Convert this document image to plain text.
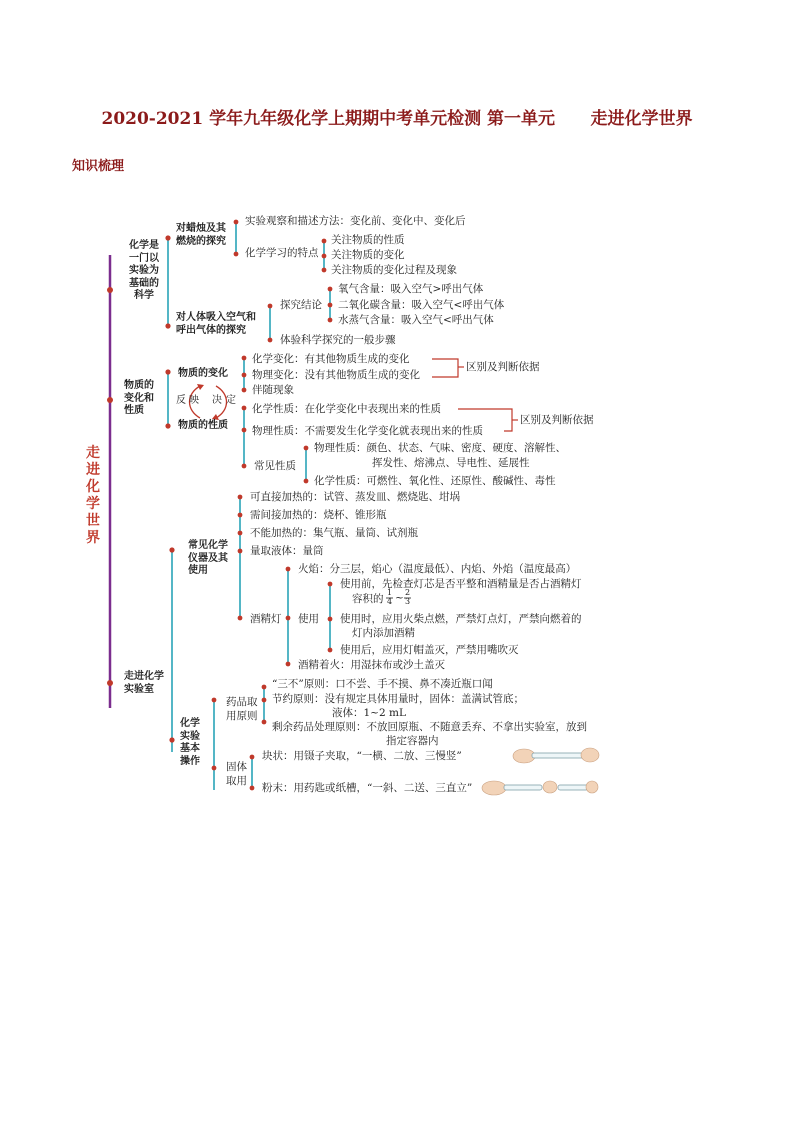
2020-2021 学年九年级化学上期期中考单元检测 第一单元      走进化学世界
知识梳理
走
进
化
学
世
界
化学是
一门以
实验为
基础的
科学
对蜡烛及其
燃烧的探究
实验观察和描述方法：变化前、变化中、变化后
化学学习的特点
关注物质的性质
关注物质的变化
关注物质的变化过程及现象
对人体吸入空气和
呼出气体的探究
探究结论
体验科学探究的一般步骤
氧气含量：吸入空气>呼出气体
二氧化碳含量：吸入空气<呼出气体
水蒸气含量：吸入空气<呼出气体
物质的
变化和
性质
物质的变化
物质的性质
反 映 决 定
化学变化：有其他物质生成的变化
物理变化：没有其他物质生成的变化
伴随现象
区别及判断依据
化学性质：在化学变化中表现出来的性质
物理性质：不需要发生化学变化就表现出来的性质
常见性质
区别及判断依据
物理性质：颜色、状态、气味、密度、硬度、溶解性、
挥发性、熔沸点、导电性、延展性
化学性质：可燃性、氧化性、还原性、酸碱性、毒性
走进化学
实验室
常见化学
仪器及其
使用
可直接加热的：试管、蒸发皿、燃烧匙、坩埚
需间接加热的：烧杯、锥形瓶
不能加热的：集气瓶、量筒、试剂瓶
量取液体：量筒
酒精灯
火焰：分三层，焰心（温度最低）、内焰、外焰（温度最高）
使用
使用前，先检查灯芯是否平整和酒精量是否占酒精灯
容积的
1
4 ~ 2
3
使用时，应用火柴点燃，严禁灯点灯，严禁向燃着的
灯内添加酒精
使用后，应用灯帽盖灭，严禁用嘴吹灭
酒精着火：用湿抹布或沙土盖灭
化学
实验
基本
操作
药品取
用原则
“三不”原则：口不尝、手不摸、鼻不凑近瓶口闻
节约原则：没有规定具体用量时，固体：盖满试管底；
液体：1~2 mL
剩余药品处理原则：不放回原瓶、不随意丢弃、不拿出实验室，放到
指定容器内
固体
取用
块状：用镊子夹取，“一横、二放、三慢竖”
粉末：用药匙或纸槽，“一斜、二送、三直立”
